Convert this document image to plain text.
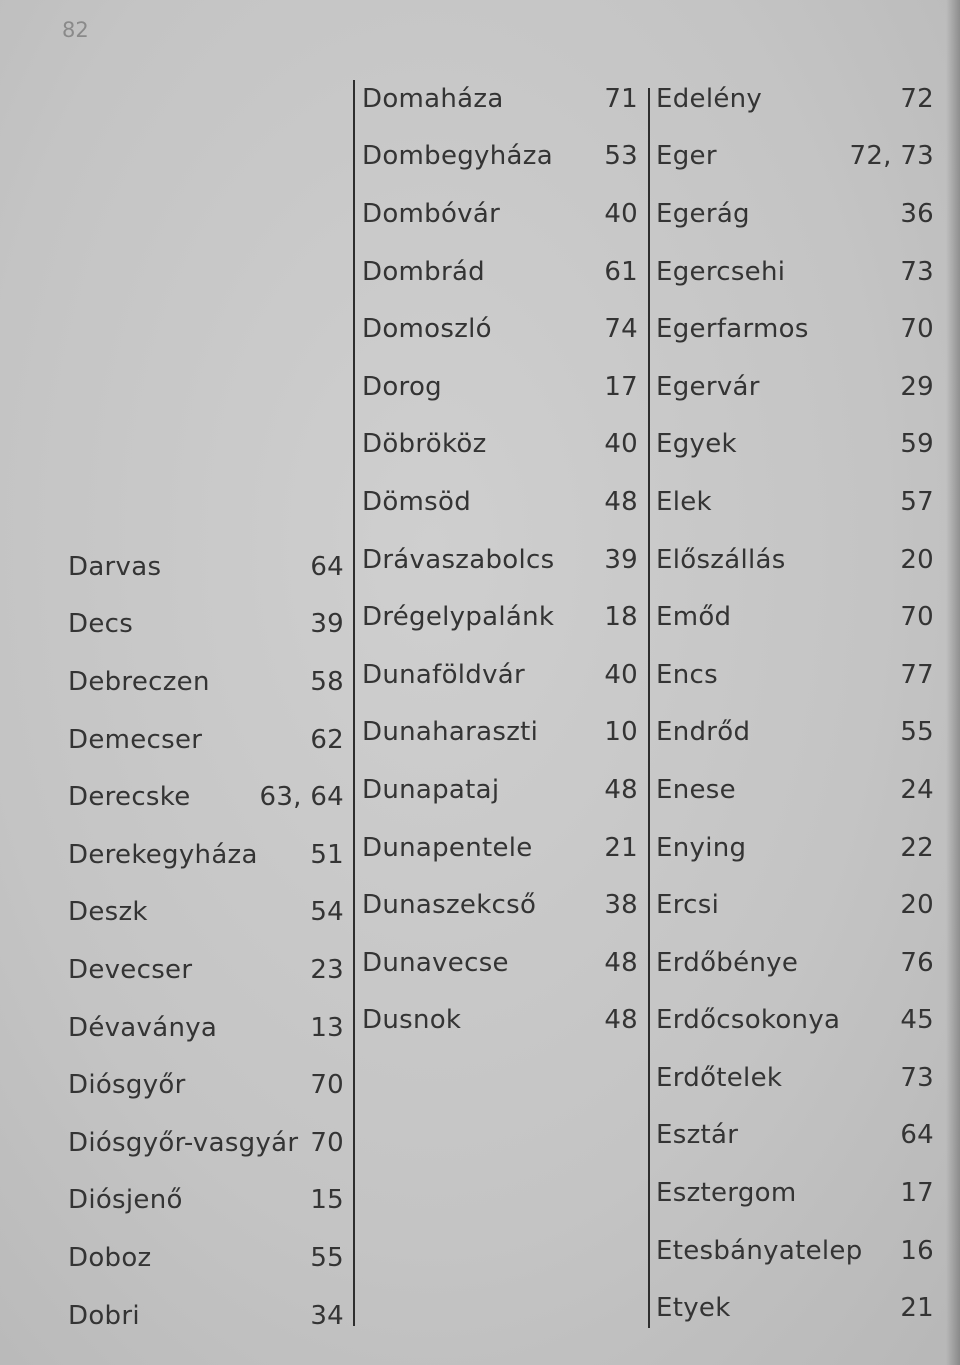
82
Darvas	64
Decs	39
Debreczen	58
Demecser	62
Derecske	63, 64
Derekegyháza 51
Deszk	54
Devecser	23
Dévaványa	13
Diósgyőr	70
Diósgyőr-vasgyár 70
Diósjenő	15
Doboz	55
Dobri	34
Domaháza	71
Dombegyháza 53
Dombóvár	40
Dombrád	61
Domoszló	74
Dorog	17
Döbrököz	40
Dömsöd	48
Drávaszabolcs 39
Drégelypalánk 18
Dunaföldvár	40
Dunaharaszti	10
Dunapataj	48
Dunapentele	21
Dunaszekcső	38
Dunavecse	48
Dusnok	48
Edelény	72
Eger	72, 73
Egerág	36
Egercsehi	73
Egerfarmos	70
Egervár	29
Egyek	59
Elek	57
Előszállás	20
Emőd	70
Encs	77
Endrőd	55
Enese	24
Enying	22
Ercsi	20
Erdőbénye	76
Erdőcsokonya 45
Erdőtelek	73
Esztár	64
Esztergom	17
Etesbányatelep 16
Etyek	21
